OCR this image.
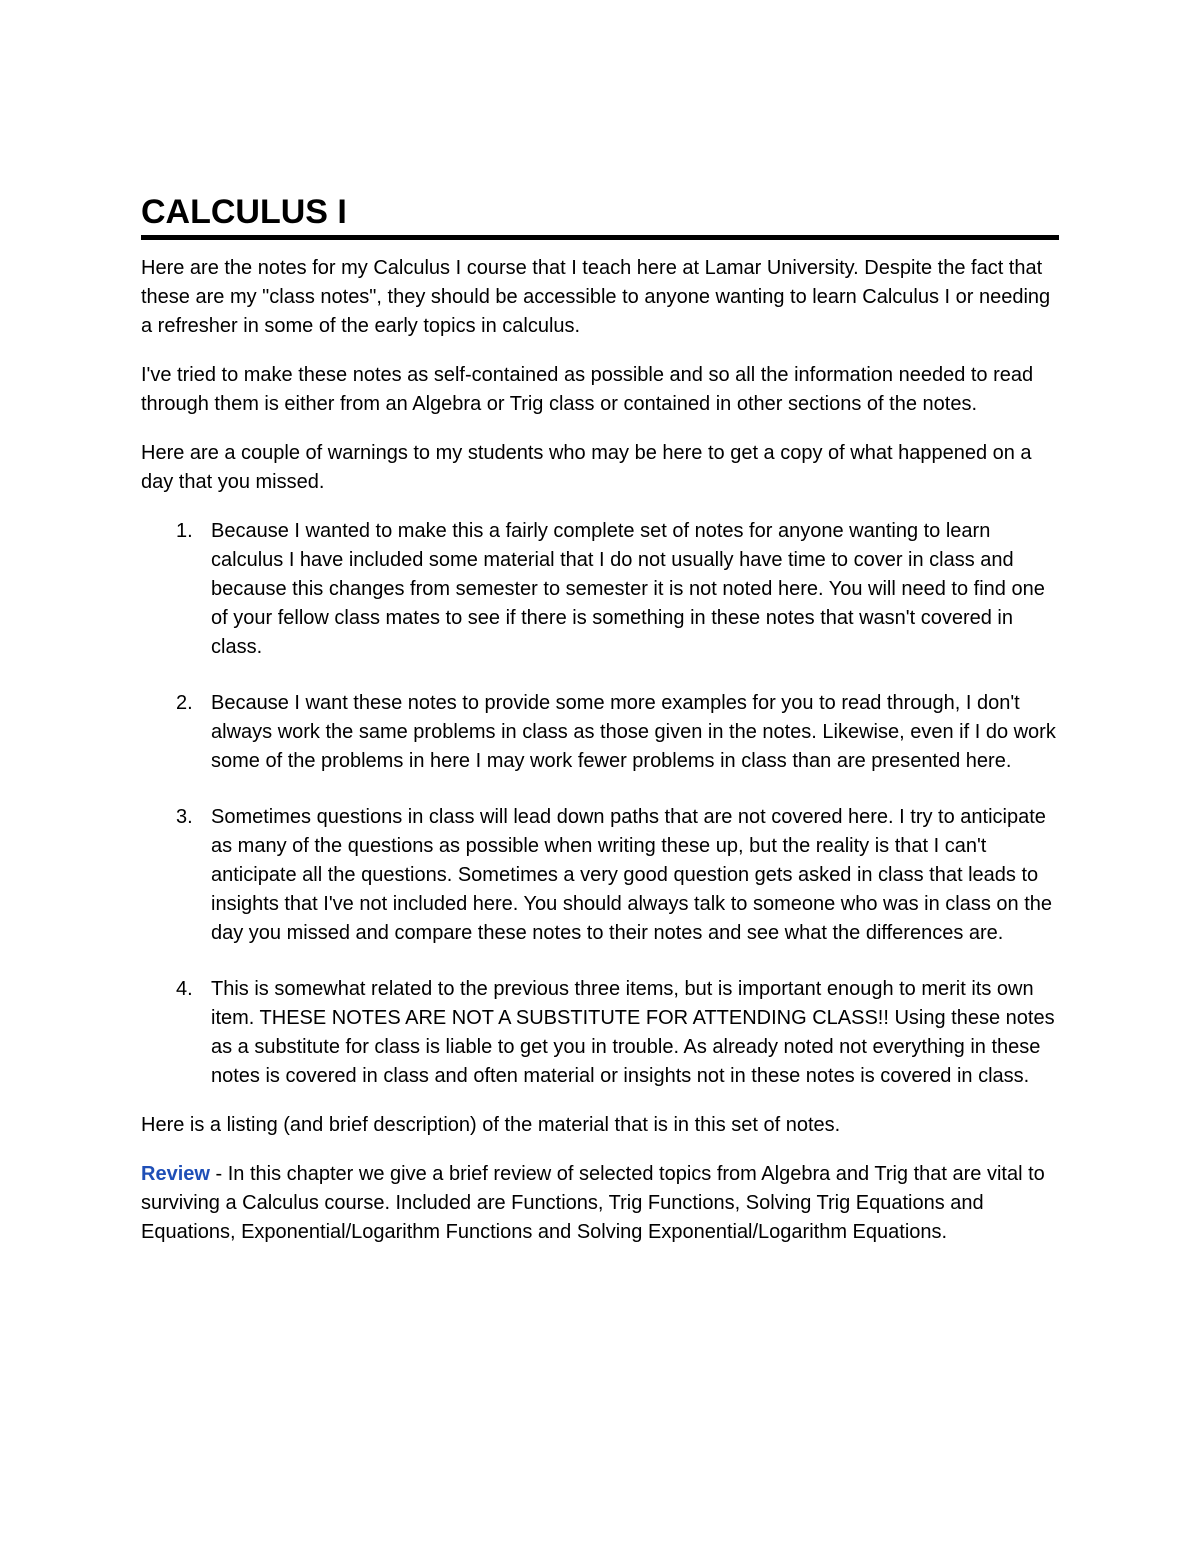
CALCULUS I

Here are the notes for my Calculus I course that I teach here at Lamar University. Despite the fact that these are my "class notes", they should be accessible to anyone wanting to learn Calculus I or needing a refresher in some of the early topics in calculus.

I've tried to make these notes as self-contained as possible and so all the information needed to read through them is either from an Algebra or Trig class or contained in other sections of the notes.

Here are a couple of warnings to my students who may be here to get a copy of what happened on a day that you missed.

1. Because I wanted to make this a fairly complete set of notes for anyone wanting to learn calculus I have included some material that I do not usually have time to cover in class and because this changes from semester to semester it is not noted here. You will need to find one of your fellow class mates to see if there is something in these notes that wasn't covered in class.
2. Because I want these notes to provide some more examples for you to read through, I don't always work the same problems in class as those given in the notes. Likewise, even if I do work some of the problems in here I may work fewer problems in class than are presented here.
3. Sometimes questions in class will lead down paths that are not covered here. I try to anticipate as many of the questions as possible when writing these up, but the reality is that I can't anticipate all the questions. Sometimes a very good question gets asked in class that leads to insights that I've not included here. You should always talk to someone who was in class on the day you missed and compare these notes to their notes and see what the differences are.
4. This is somewhat related to the previous three items, but is important enough to merit its own item. THESE NOTES ARE NOT A SUBSTITUTE FOR ATTENDING CLASS!! Using these notes as a substitute for class is liable to get you in trouble. As already noted not everything in these notes is covered in class and often material or insights not in these notes is covered in class.

Here is a listing (and brief description) of the material that is in this set of notes.

Review - In this chapter we give a brief review of selected topics from Algebra and Trig that are vital to surviving a Calculus course. Included are Functions, Trig Functions, Solving Trig Equations and Equations, Exponential/Logarithm Functions and Solving Exponential/Logarithm Equations.
